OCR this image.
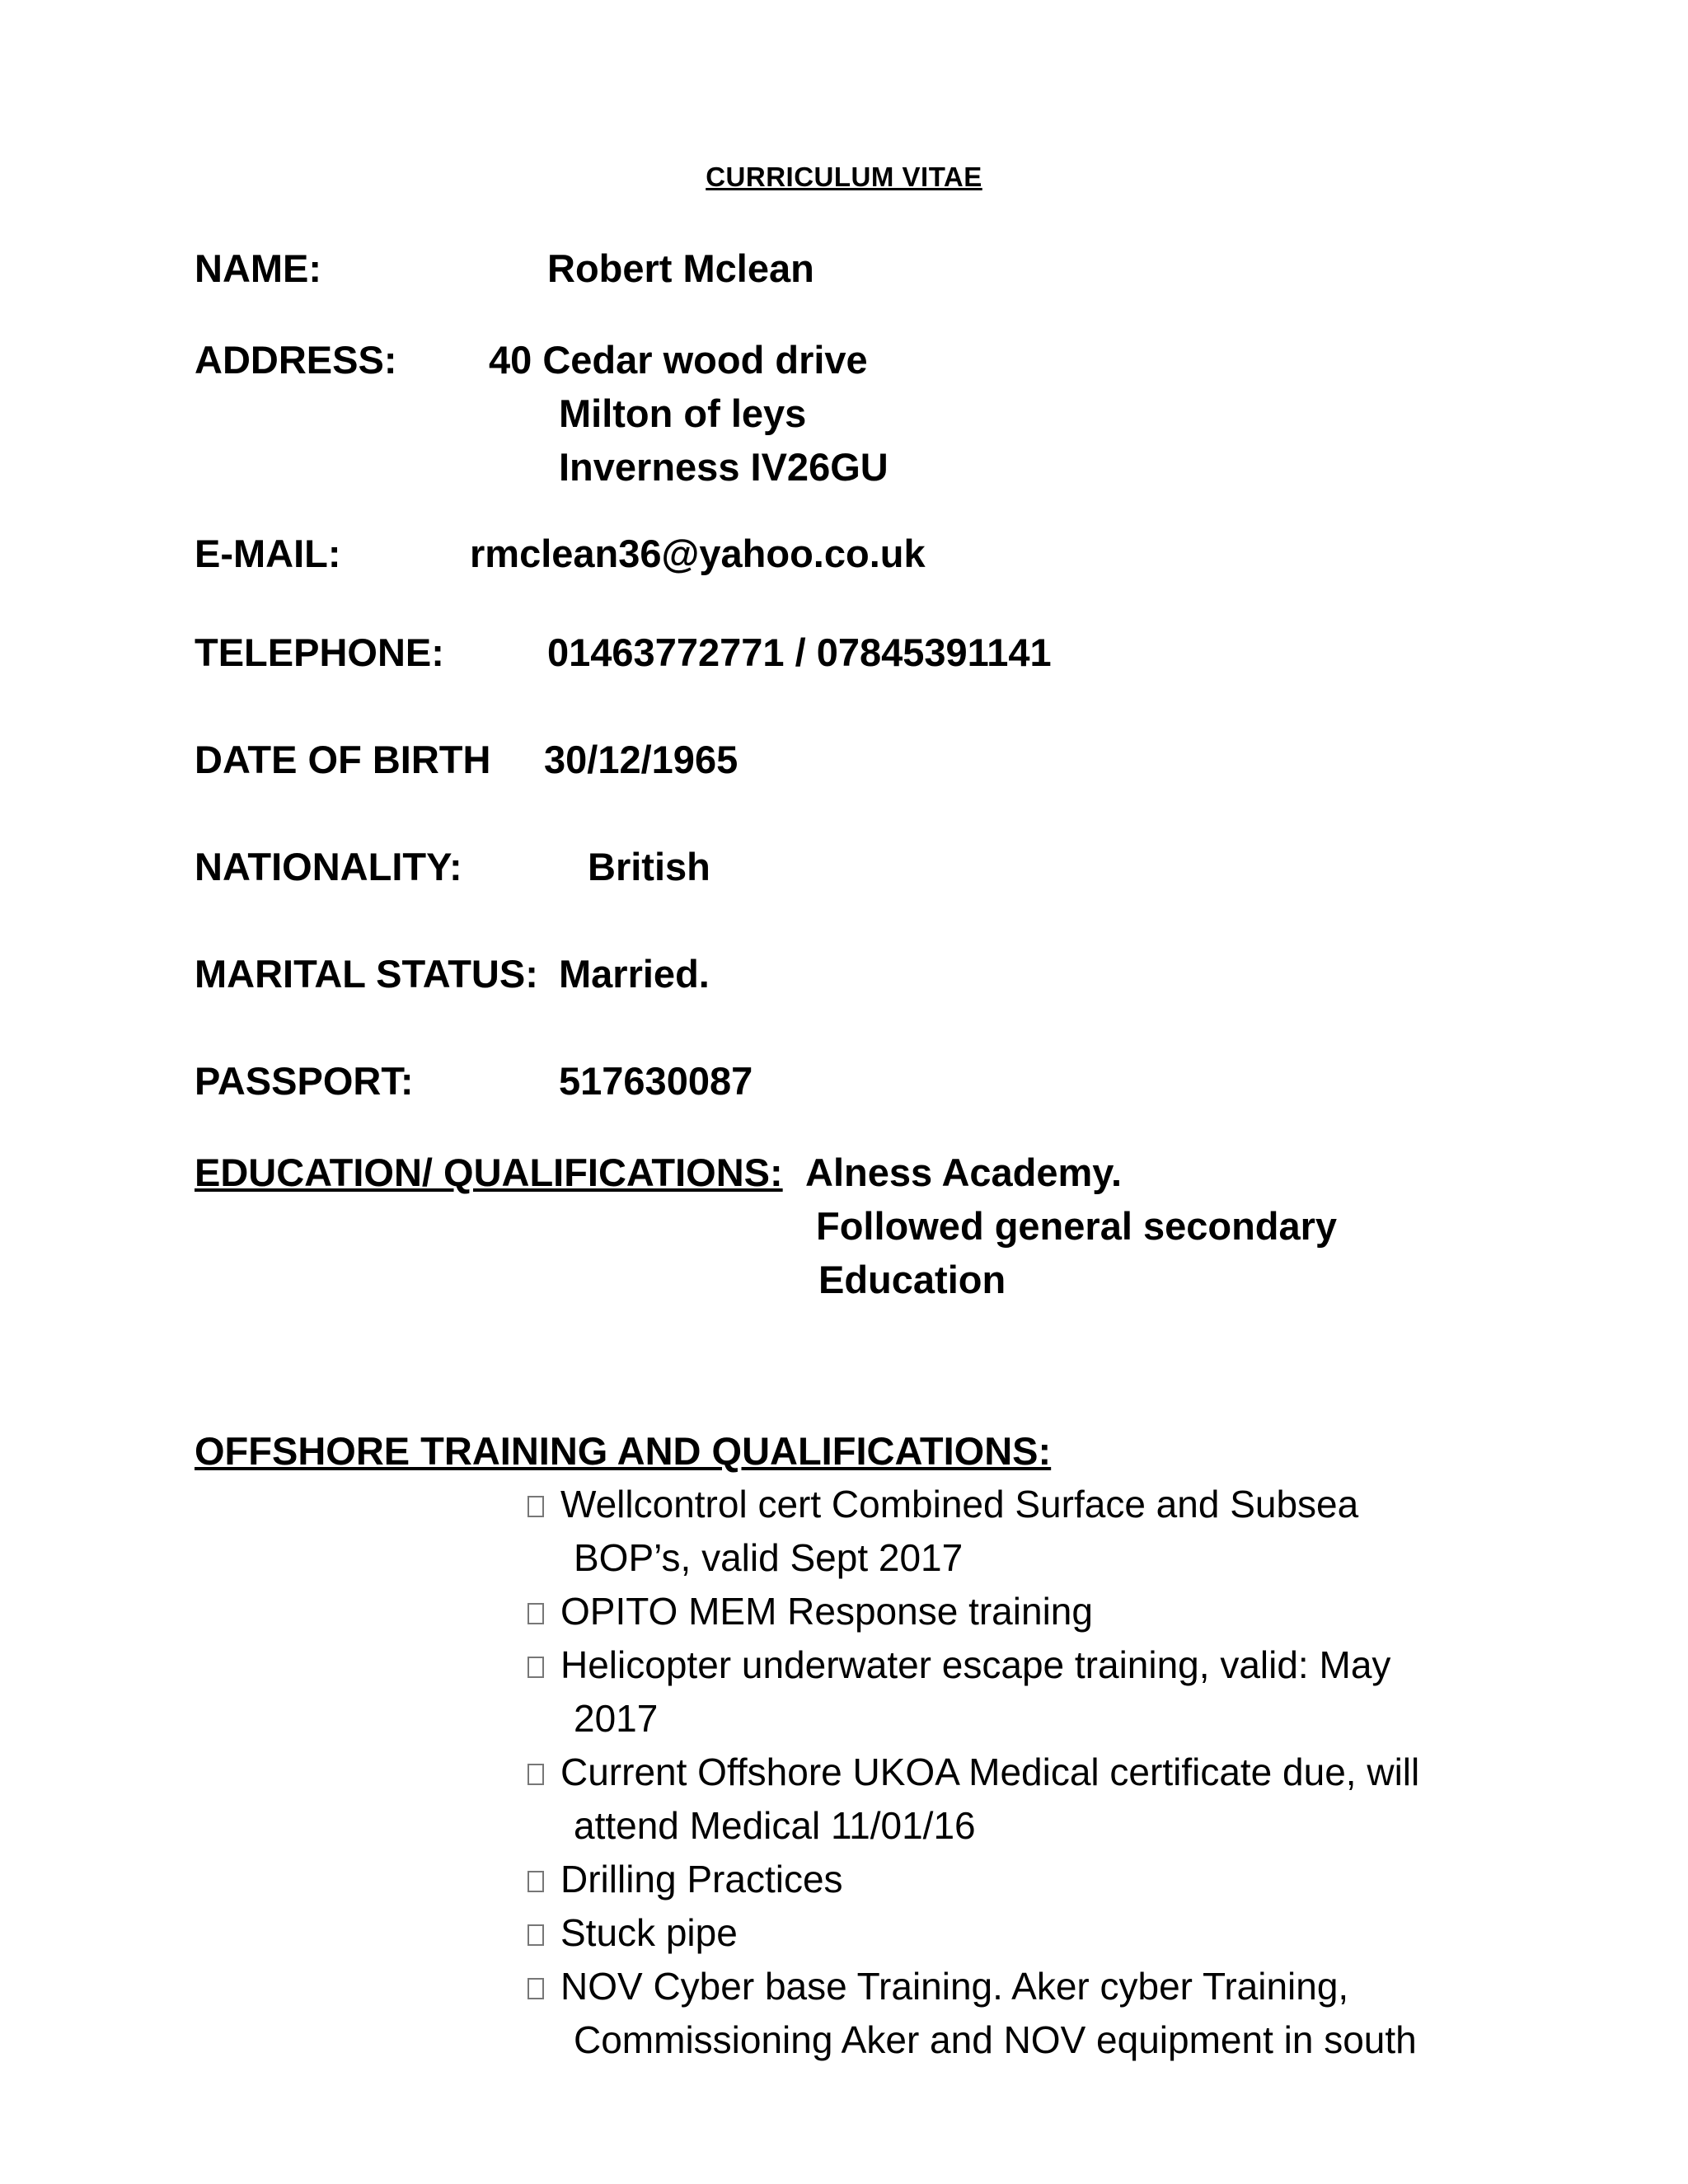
CURRICULUM VITAE
NAME:	Robert Mclean
ADDRESS: 40 Cedar wood drive
Milton of leys
Inverness IV26GU
E-MAIL:	rmclean36@yahoo.co.uk
TELEPHONE:	01463772771 / 07845391141
DATE OF BIRTH 30/12/1965
NATIONALITY:	British
MARITAL STATUS: Married.
PASSPORT:	517630087
EDUCATION/ QUALIFICATIONS: Alness Academy.
Followed general secondary
Education
OFFSHORE TRAINING AND QUALIFICATIONS:
Wellcontrol cert Combined Surface and Subsea
BOP’s, valid Sept 2017
OPITO MEM Response training
Helicopter underwater escape training, valid: May
2017
Current Offshore UKOA Medical certificate due, will
attend Medical 11/01/16
Drilling Practices
Stuck pipe
NOV Cyber base Training. Aker cyber Training,
Commissioning Aker and NOV equipment in south
